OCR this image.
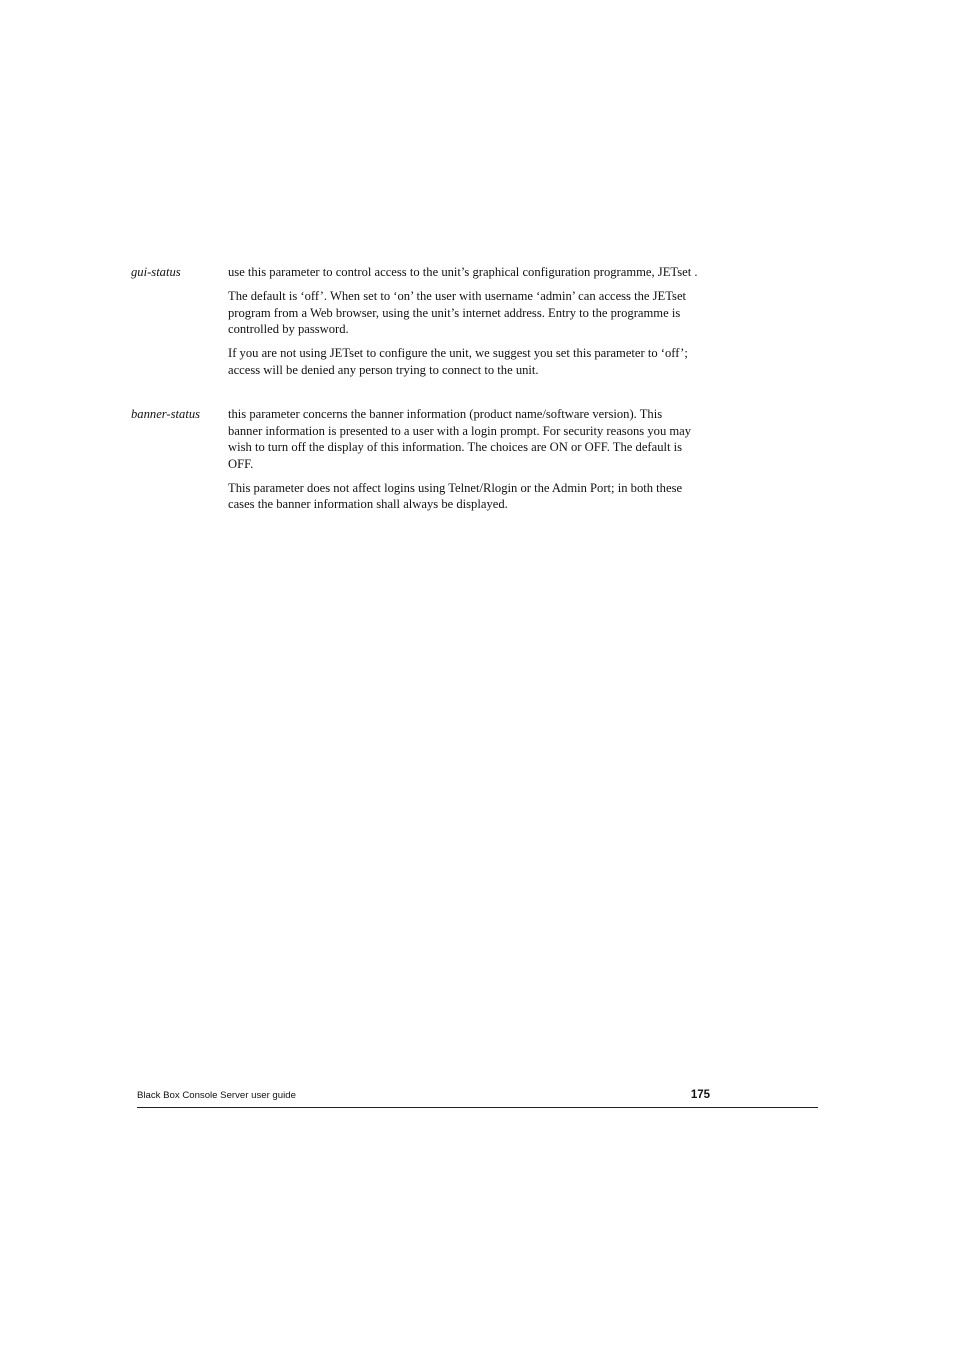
gui-status	use this parameter to control access to the unit’s graphical configuration programme, JETset .

The default is ‘off’. When set to ‘on’ the user with username ‘admin’ can access the JETset program from a Web browser, using the unit’s internet address. Entry to the programme is controlled by password.

If you are not using JETset to configure the unit, we suggest you set this parameter to ‘off’; access will be denied any person trying to connect to the unit.

banner-status	this parameter concerns the banner information (product name/software version). This banner information is presented to a user with a login prompt. For security reasons you may wish to turn off the display of this information. The choices are ON or OFF. The default is OFF.

This parameter does not affect logins using Telnet/Rlogin or the Admin Port; in both these cases the banner information shall always be displayed.

Black Box Console Server user guide	175
